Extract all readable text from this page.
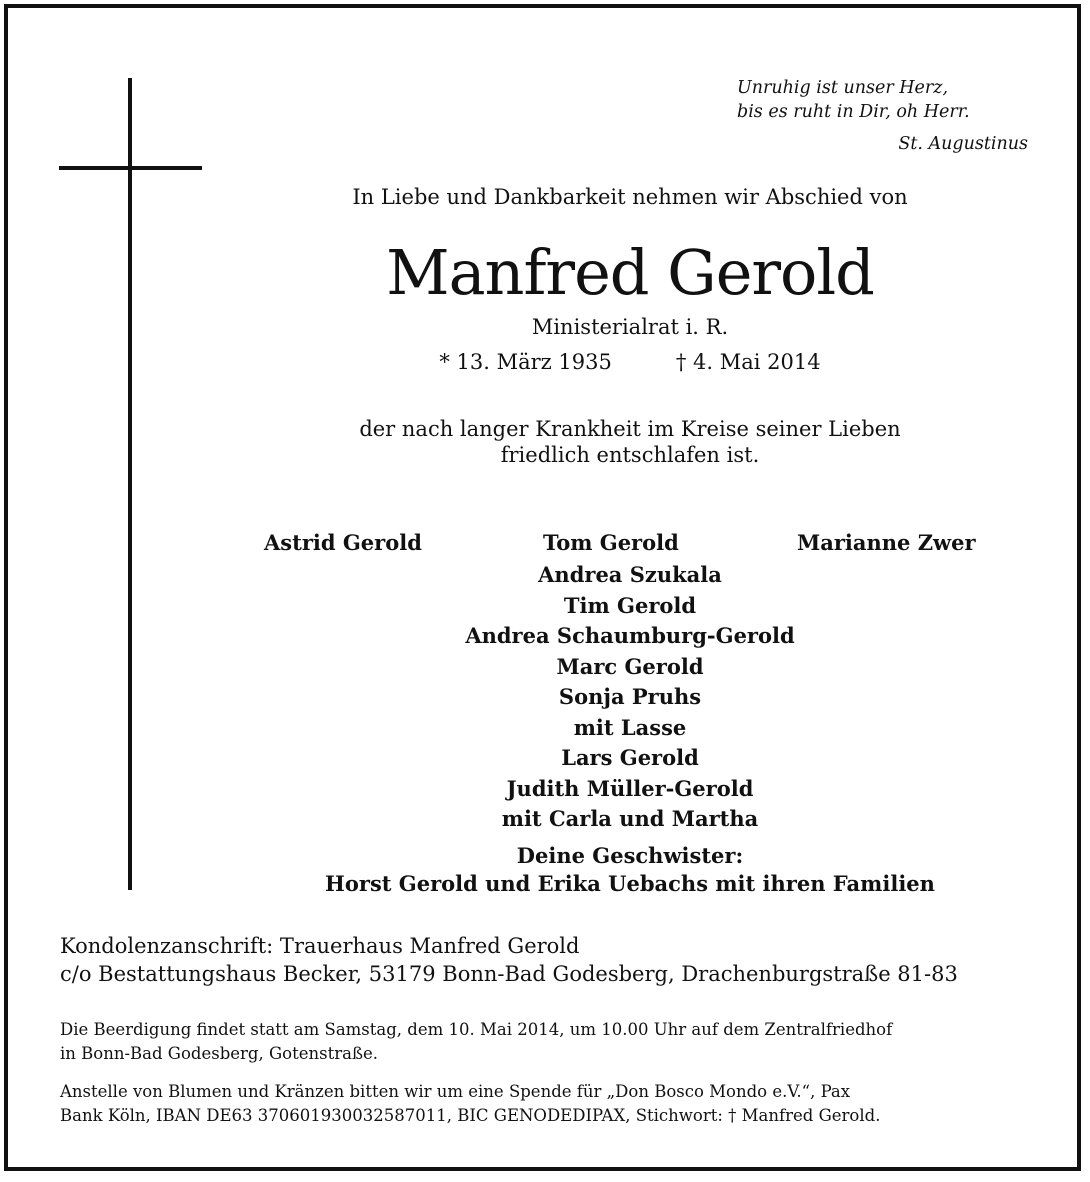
Unruhig ist unser Herz,
bis es ruht in Dir, oh Herr.
St. Augustinus
In Liebe und Dankbarkeit nehmen wir Abschied von
Manfred Gerold
Ministerialrat i. R.
* 13. März 1935	† 4. Mai 2014
der nach langer Krankheit im Kreise seiner Lieben
friedlich entschlafen ist.
Astrid Gerold	Tom Gerold	Marianne Zwer
Andrea Szukala
Tim Gerold
Andrea Schaumburg-Gerold
Marc Gerold
Sonja Pruhs
mit Lasse
Lars Gerold
Judith Müller-Gerold
mit Carla und Martha
Deine Geschwister:
Horst Gerold und Erika Uebachs mit ihren Familien
Kondolenzanschrift: Trauerhaus Manfred Gerold
c/o Bestattungshaus Becker, 53179 Bonn-Bad Godesberg, Drachenburgstraße 81-83
Die Beerdigung findet statt am Samstag, dem 10. Mai 2014, um 10.00 Uhr auf dem Zentralfriedhof
in Bonn-Bad Godesberg, Gotenstraße.
Anstelle von Blumen und Kränzen bitten wir um eine Spende für „Don Bosco Mondo e.V.“, Pax
Bank Köln, IBAN DE63 370601930032587011, BIC GENODEDIPAX, Stichwort: † Manfred Gerold.
